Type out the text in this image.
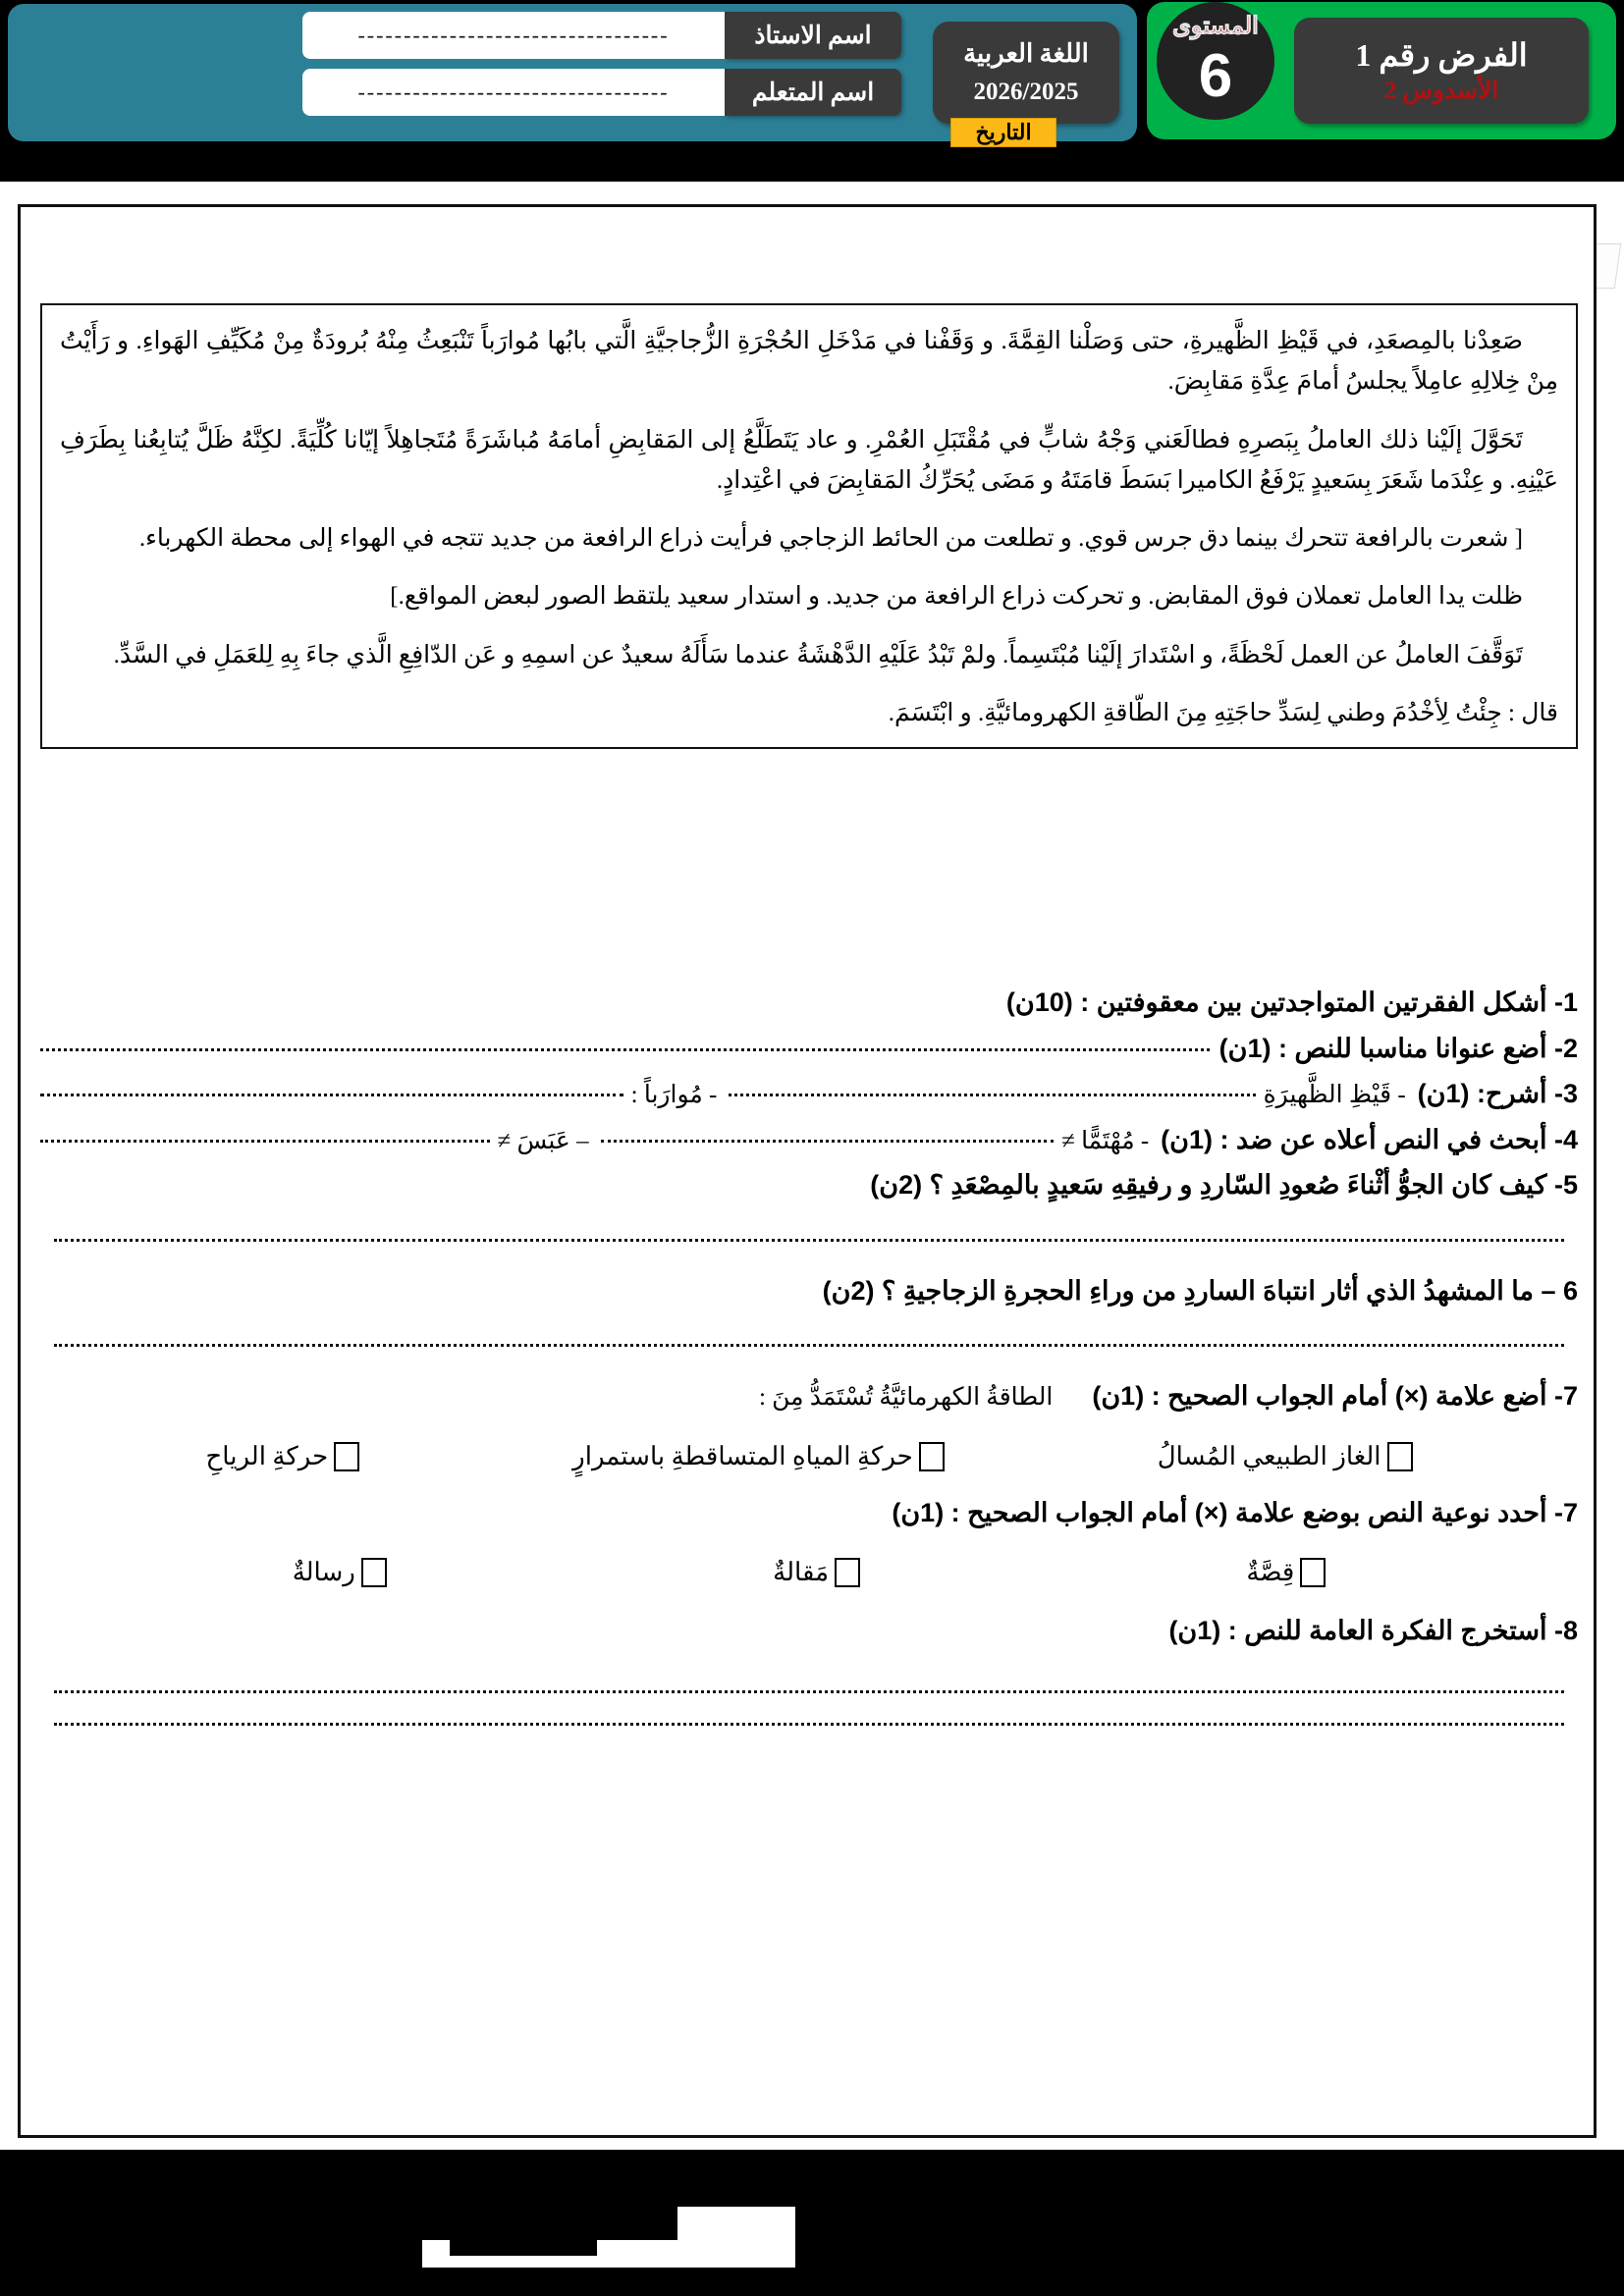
اللغة العربية
2026/2025
اسم الاستاذ
----------------------------------
اسم المتعلم
----------------------------------
الفرض رقم 1
الأسدوس 2
المستوى
6
التاريخ

صَعِدْنا بالمِصعَدِ، في قَيْظِ الظَّهيرةِ، حتى وَصَلْنا القِمَّةَ. و وَقَفْنا في مَدْخَلِ الحُجْرَةِ الزُّجاجيَّةِ الَّتي بابُها مُوارَباً تَنْبَعِثُ مِنْهُ بُرودَةٌ مِنْ مُكَيِّفِ الهَواءِ. و رَأَيْتُ مِنْ خِلالِهِ عامِلاً يجلسُ أمامَ عِدَّةِ مَقابِضَ.

تَحَوَّلَ إلَيْنا ذلك العاملُ بِبَصرِهِ فطالَعَني وَجْهُ شابٍّ في مُقْتَبَلِ العُمْرِ. و عاد يَتَطَلَّعُ إلى المَقابِضِ أمامَهُ مُباشَرَةً مُتَجاهِلاً إيّانا كُلِّيَةً. لكِنَّهُ ظَلَّ يُتابِعُنا بِطَرَفِ عَيْنِهِ. و عِنْدَما شَعَرَ بِسَعيدٍ يَرْفَعُ الكاميرا بَسَطَ قامَتَهُ و مَضَى يُحَرِّكُ المَقابِضَ في اعْتِدادٍ.

[ شعرت بالرافعة تتحرك بينما دق جرس قوي. و تطلعت من الحائط الزجاجي فرأيت ذراع الرافعة من جديد تتجه في الهواء إلى محطة الكهرباء.

ظلت يدا العامل تعملان فوق المقابض. و تحركت ذراع الرافعة من جديد. و استدار سعيد يلتقط الصور لبعض المواقع.]

تَوَقَّفَ العاملُ عن العمل لَحْظَةً، و اسْتَدارَ إلَيْنا مُبْتَسِماً. ولمْ تَبْدُ عَلَيْهِ الدَّهْشَةُ عندما سَأَلَهُ سعيدٌ عن اسمِهِ و عَن الدّافِعِ الَّذي جاءَ بِهِ لِلعَمَلِ في السَّدِّ.

قال : جِئْتُ لِأخْدُمَ وطني لِسَدِّ حاجَتِهِ مِنَ الطّاقةِ الكهرومائيَّةِ. و ابْتَسَمَ.

1- أشكل الفقرتين المتواجدتين بين معقوفتين : (10ن)
2- أضع عنوانا مناسبا للنص : (1ن)
3- أشرح: (1ن)
- قَيْظِ الظَّهيرَةِ
- مُوارَباً :
4- أبحث في النص أعلاه عن ضد : (1ن)
- مُهْتَمًّا ≠
– عَبَسَ ≠
5- كيف كان الجوُّ أثْناءَ صُعودِ السّاردِ و رفيقِهِ سَعيدٍ بالمِصْعَدِ ؟ (2ن)
6 – ما المشهدُ الذي أثار انتباهَ الساردِ من وراءِ الحجرةِ الزجاجيةِ ؟ (2ن)
7- أضع علامة (×) أمام الجواب الصحيح : (1ن)
الطاقةُ الكهرمائيَّةُ تُسْتَمَدُّ مِنَ :
الغاز الطبيعي المُسالُ
حركةِ المياهِ المتساقطةِ باستمرارٍ
حركةِ الرياحِ
7- أحدد نوعية النص بوضع علامة (×) أمام الجواب الصحيح : (1ن)
قِصَّةٌ
مَقالةٌ
رسالةٌ
8- أستخرج الفكرة العامة للنص : (1ن)
